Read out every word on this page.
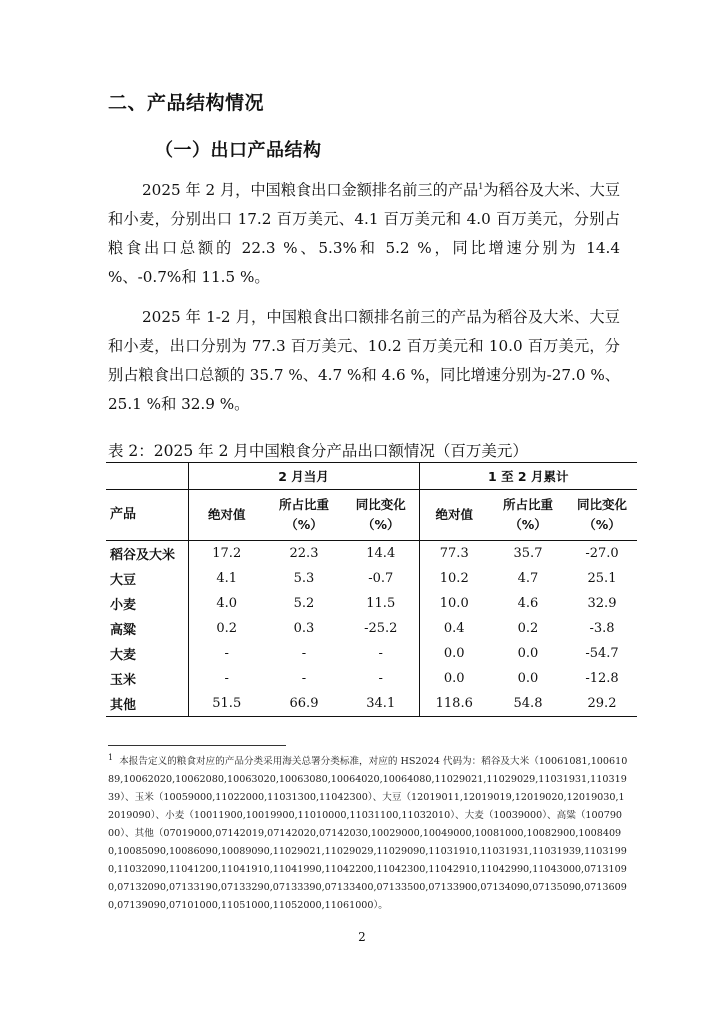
二、产品结构情况
（一）出口产品结构
2025 年 2 月，中国粮食出口金额排名前三的产品$^1$为稻谷及大米、大豆和小麦，分别出口 17.2 百万美元、4.1 百万美元和 4.0 百万美元，分别占粮食出口总额的 22.3 %、5.3%和 5.2 %，同比增速分别为 14.4 %、-0.7%和 11.5 %。
2025 年 1-2 月，中国粮食出口额排名前三的产品为稻谷及大米、大豆和小麦，出口分别为 77.3 百万美元、10.2 百万美元和 10.0 百万美元，分别占粮食出口总额的 35.7 %、4.7 %和 4.6 %，同比增速分别为-27.0 %、25.1 %和 32.9 %。
表 2：2025 年 2 月中国粮食分产品出口额情况（百万美元）
	2 月当月			1 至 2 月累计		
产品	绝对值	所占比重（%）	同比变化（%）	绝对值	所占比重（%）	同比变化（%）
稻谷及大米	17.2	22.3	14.4	77.3	35.7	-27.0
大豆	4.1	5.3	-0.7	10.2	4.7	25.1
小麦	4.0	5.2	11.5	10.0	4.6	32.9
高粱	0.2	0.3	-25.2	0.4	0.2	-3.8
大麦	-	-	-	0.0	0.0	-54.7
玉米	-	-	-	0.0	0.0	-12.8
其他	51.5	66.9	34.1	118.6	54.8	29.2
$^1$ 本报告定义的粮食对应的产品分类采用海关总署分类标准，对应的 HS2024 代码为：稻谷及大米（10061081,10061089,10062020,10062080,10063020,10063080,10064020,10064080,11029021,11029029,11031931,11031939）、玉米（10059000,11022000,11031300,11042300）、大豆（12019011,12019019,12019020,12019030,12019090）、小麦（10011900,10019900,11010000,11031100,11032010）、大麦（10039000）、高粱（10079000）、其他（07019000,07142019,07142020,07142030,10029000,10049000,10081000,10082900,10084090,10085090,10086090,10089090,11029021,11029029,11029090,11031910,11031931,11031939,11031990,11032090,11041200,11041910,11041990,11042200,11042300,11042910,11042990,11043000,07131090,07132090,07133190,07133290,07133390,07133400,07133500,07133900,07134090,07135090,07136090,07139090,07101000,11051000,11052000,11061000）。
2
